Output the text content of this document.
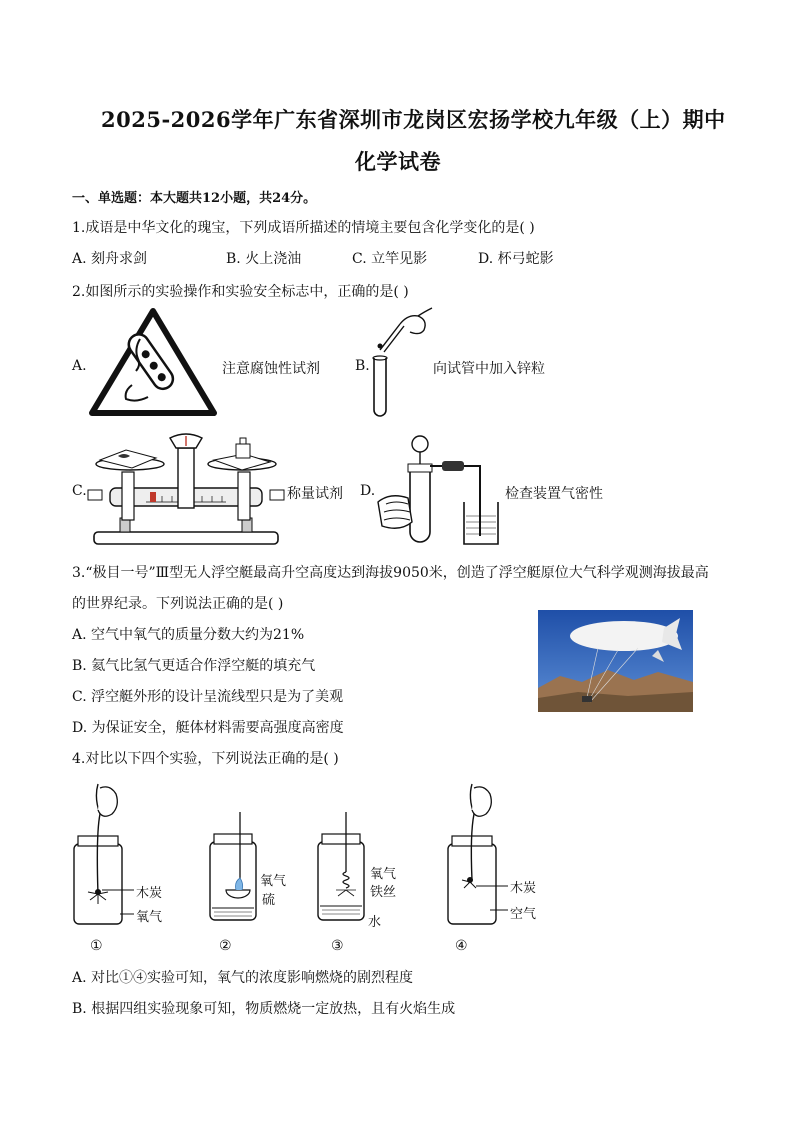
2025-2026学年广东省深圳市龙岗区宏扬学校九年级（上）期中
化学试卷
一、单选题：本大题共12小题，共24分。
1.成语是中华文化的瑰宝，下列成语所描述的情境主要包含化学变化的是( )
A. 刻舟求剑	B. 火上浇油	C. 立竿见影	D. 杯弓蛇影
2.如图所示的实验操作和实验安全标志中，正确的是( )
A.	注意腐蚀性试剂	B.	向试管中加入锌粒
C.	称量试剂 D.	检查装置气密性
3.“极目一号”Ⅲ型无人浮空艇最高升空高度达到海拔9050米，创造了浮空艇原位大气科学观测海拔最高
的世界纪录。下列说法正确的是( )
A. 空气中氧气的质量分数大约为21%
B. 氦气比氢气更适合作浮空艇的填充气
C. 浮空艇外形的设计呈流线型只是为了美观
D. 为保证安全，艇体材料需要高强度高密度
4.对比以下四个实验，下列说法正确的是( )
木炭
氧气
①
氧气
硫
②
氧气
铁丝
水
③
木炭
空气
④
A. 对比①④实验可知，氧气的浓度影响燃烧的剧烈程度
B. 根据四组实验现象可知，物质燃烧一定放热，且有火焰生成
